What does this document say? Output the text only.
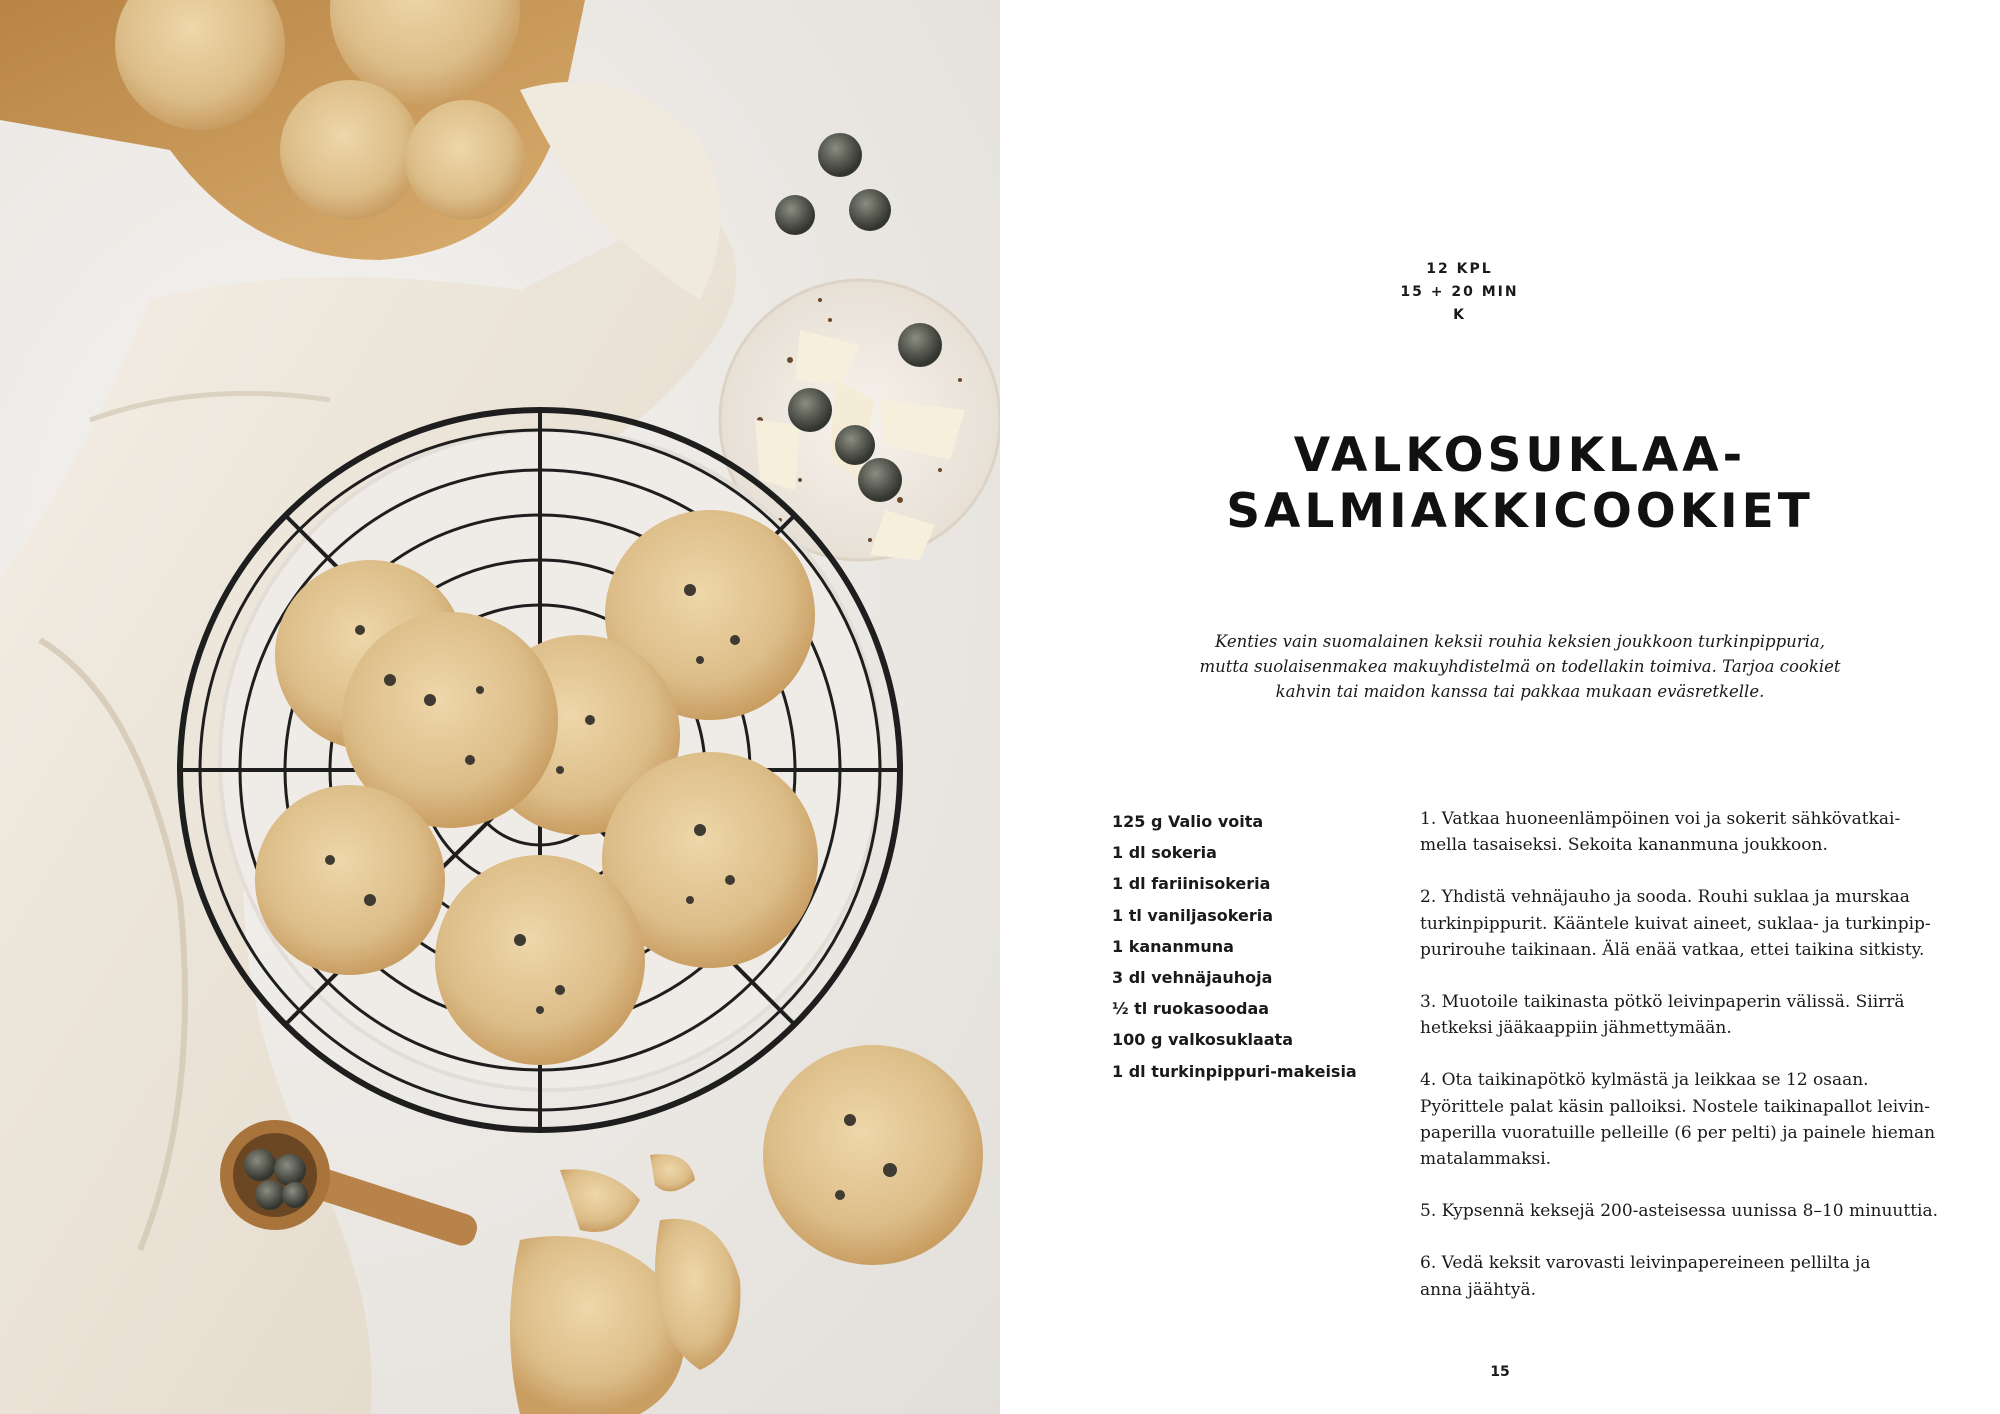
12 KPL
15 + 20 MIN
K
VALKOSUKLAA-
SALMIAKKICOOKIET
Kenties vain suomalainen keksii rouhia keksien joukkoon turkinpippuria,
mutta suolaisenmakea makuyhdistelmä on todellakin toimiva. Tarjoa cookiet
kahvin tai maidon kanssa tai pakkaa mukaan eväsretkelle.
125 g Valio voita
1 dl sokeria
1 dl fariinisokeria
1 tl vaniljasokeria
1 kananmuna
3 dl vehnäjauhoja
½ tl ruokasoodaa
100 g valkosuklaata
1 dl turkinpippuri-makeisia
1. Vatkaa huoneenlämpöinen voi ja sokerit sähkövatkai-
mella tasaiseksi. Sekoita kananmuna joukkoon.
2. Yhdistä vehnäjauho ja sooda. Rouhi suklaa ja murskaa
turkinpippurit. Kääntele kuivat aineet, suklaa- ja turkinpip-
purirouhe taikinaan. Älä enää vatkaa, ettei taikina sitkisty.
3. Muotoile taikinasta pötkö leivinpaperin välissä. Siirrä
hetkeksi jääkaappiin jähmettymään.
4. Ota taikinapötkö kylmästä ja leikkaa se 12 osaan.
Pyörittele palat käsin palloiksi. Nostele taikinapallot leivin-
paperilla vuoratuille pelleille (6 per pelti) ja painele hieman
matalammaksi.
5. Kypsennä keksejä 200-asteisessa uunissa 8–10 minuuttia.
6. Vedä keksit varovasti leivinpapereineen pellilta ja
anna jäähtyä.
15
